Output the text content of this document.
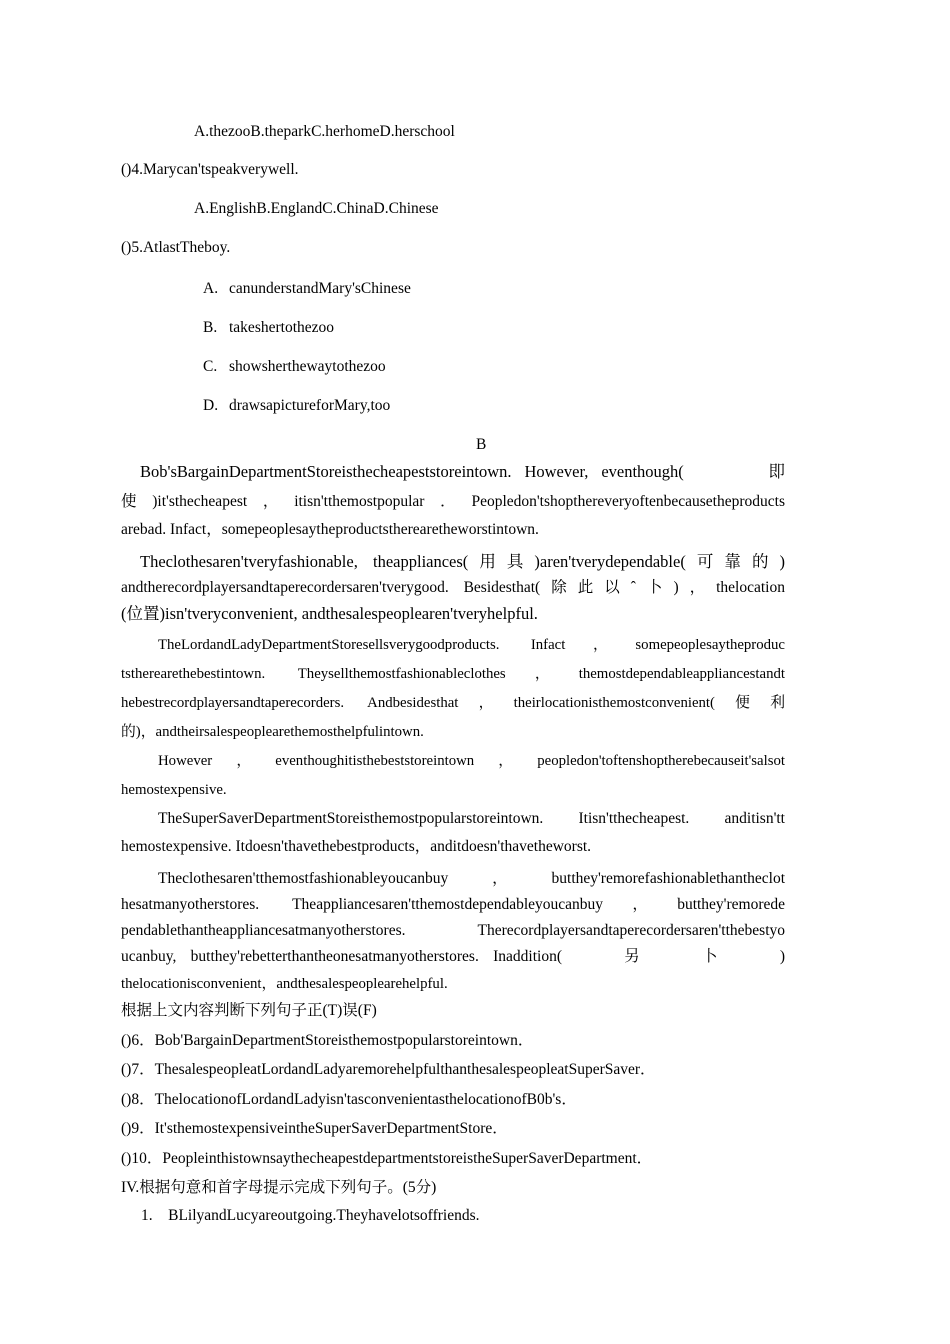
A.thezooB.theparkC.herhomeD.herschool
()4.Marycan'tspeakverywell.
A.EnglishB.EnglandC.ChinaD.Chinese
()5.AtlastTheboy.
A. canunderstandMary'sChinese
B. takeshertothezoo
C. showsherthewaytothezoo
D. drawsapictureforMary,too
B
Bob'sBargainDepartmentStoreisthecheapeststoreintown. However, eventhough(　　　即
使)it'sthecheapest，itisn'tthemostpopular．Peopledon'tshopthereveryoftenbecausetheproducts
arebad. Infact，somepeoplesaytheproductstherearetheworstintown.
Theclothesaren'tveryfashionable, theappliances(用具)aren'tverydependable(可靠的)
andtherecordplayersandtaperecordersaren'tverygood. Besidesthat(除此以ˆ卜)，thelocation
(位置)isn'tveryconvenient, andthesalespeoplearen'tveryhelpful.
TheLordandLadyDepartmentStoresellsverygoodproducts. Infact，somepeoplesaytheproduc
tstherearethebestintown. Theysellthemostfashionableclothes，themostdependableappliancestandt
hebestrecordplayersandtaperecorders. Andbesidesthat，theirlocationisthemostconvenient(便利
的)，andtheirsalespeoplearethemosthelpfulintown.
However，eventhoughitisthebeststoreintown，peopledon'toftenshoptherebecauseit'salsot
hemostexpensive.
TheSuperSaverDepartmentStoreisthemostpopularstoreintown. Itisn'tthecheapest. anditisn'tt
hemostexpensive. Itdoesn'thavethebestproducts，anditdoesn'thavetheworst.
Theclothesaren'tthemostfashionableyoucanbuy，butthey'remorefashionablethantheclot
hesatmanyotherstores. Theappliancesaren'tthemostdependableyoucanbuy，butthey'remorede
pendablethantheappliancesatmanyotherstores. Therecordplayersandtaperecordersaren'tthebestyo
ucanbuy, butthey'rebetterthantheonesatmanyotherstores. Inaddition(　　另　　卜　　)
thelocationisconvenient，andthesalespeoplearehelpful.
根据上文内容判断下列句子正(T)误(F)
()6．Bob'BargainDepartmentStoreisthemostpopularstoreintown．
()7．ThesalespeopleatLordandLadyaremorehelpfulthanthesalespeopleatSuperSaver．
()8．ThelocationofLordandLadyisn'tasconvenientasthelocationofB0b's．
()9．It'sthemostexpensiveintheSuperSaverDepartmentStore．
()10．PeopleinthistownsaythecheapestdepartmentstoreistheSuperSaverDepartment．
IV.根据句意和首字母提示完成下列句子。(5分)
1.　BLilyandLucyareoutgoing.Theyhavelotsoffriends.
